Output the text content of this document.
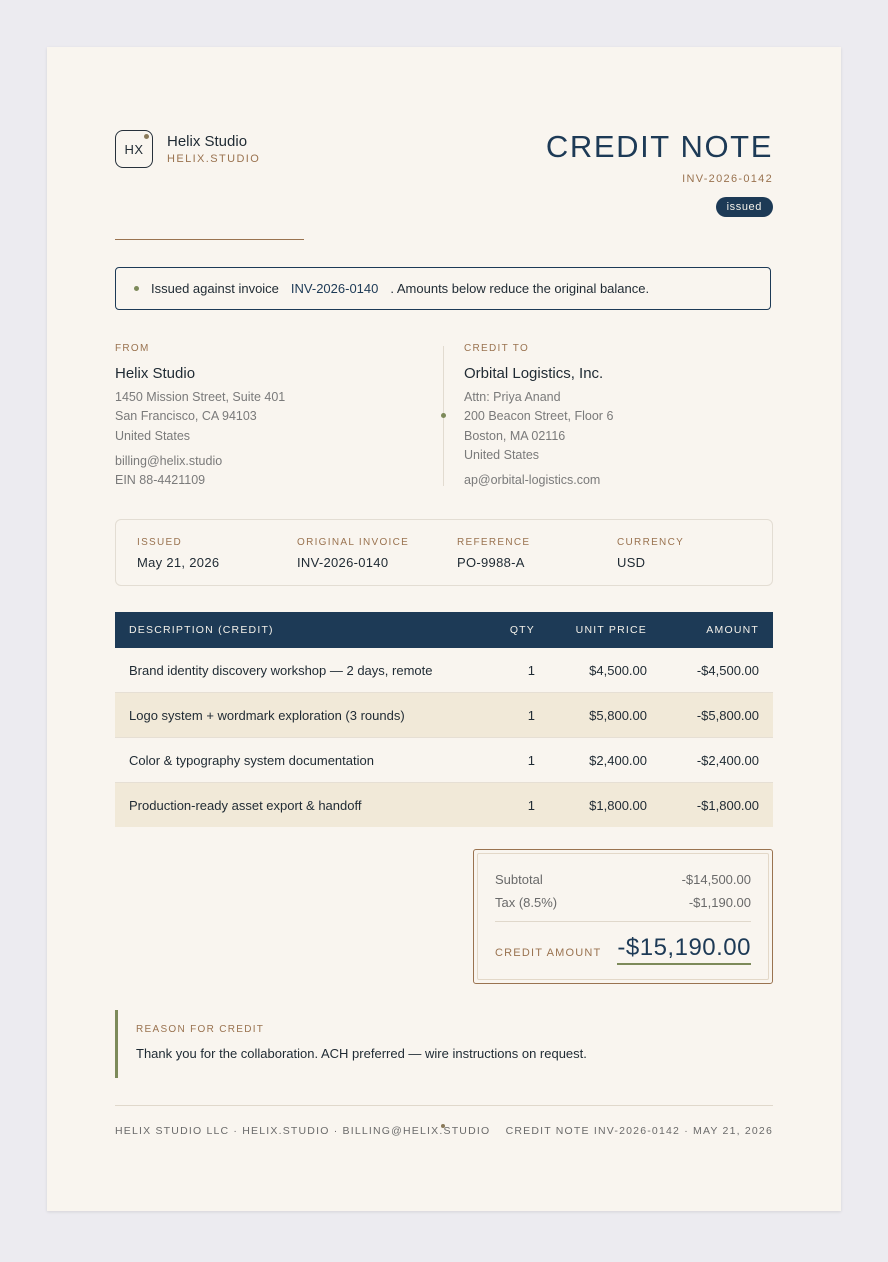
HX Helix Studio
HELIX.STUDIO	CREDIT NOTE
INV-2026-0142
issued
Issued against invoice INV-2026-0140 . Amounts below reduce the original balance.
FROM
Helix Studio
1450 Mission Street, Suite 401
San Francisco, CA 94103
United States
billing@helix.studio
EIN 88-4421109
CREDIT TO
Orbital Logistics, Inc.
Attn: Priya Anand
200 Beacon Street, Floor 6
Boston, MA 02116
United States
ap@orbital-logistics.com
ISSUED
May 21, 2026
ORIGINAL INVOICE
INV-2026-0140
REFERENCE
PO-9988-A
CURRENCY
USD
DESCRIPTION (CREDIT)	QTY	UNIT PRICE	AMOUNT
Brand identity discovery workshop — 2 days, remote	1	$4,500.00	-$4,500.00
Logo system + wordmark exploration (3 rounds)	1	$5,800.00	-$5,800.00
Color & typography system documentation	1	$2,400.00	-$2,400.00
Production-ready asset export & handoff	1	$1,800.00	-$1,800.00
Subtotal	-$14,500.00
Tax (8.5%)	-$1,190.00
CREDIT AMOUNT -$15,190.00
REASON FOR CREDIT
Thank you for the collaboration. ACH preferred — wire instructions on request.
HELIX STUDIO LLC · HELIX.STUDIO · BILLING@HELIX.STUDIO CREDIT NOTE INV-2026-0142 · MAY 21, 2026
